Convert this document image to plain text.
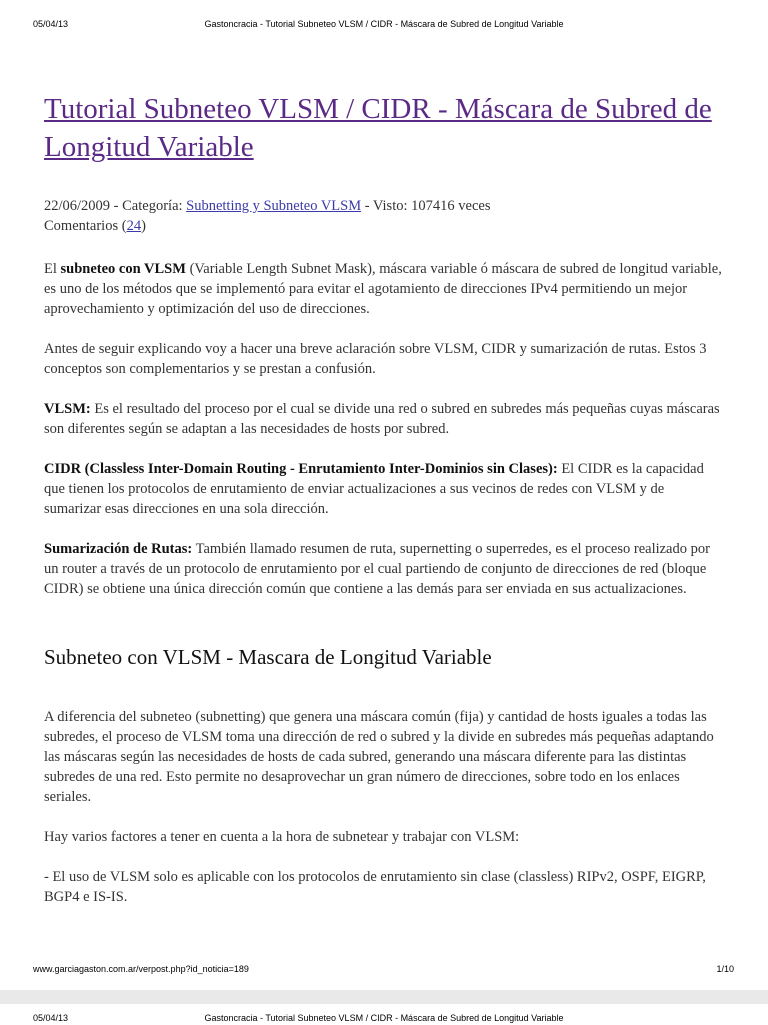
05/04/13	Gastoncracia - Tutorial Subneteo VLSM / CIDR - Máscara de Subred de Longitud Variable
Tutorial Subneteo VLSM / CIDR - Máscara de Subred de Longitud Variable
22/06/2009 - Categoría: Subnetting y Subneteo VLSM - Visto: 107416 veces
Comentarios (24)

El subneteo con VLSM (Variable Length Subnet Mask), máscara variable ó máscara de subred de longitud variable, es uno de los métodos que se implementó para evitar el agotamiento de direcciones IPv4 permitiendo un mejor aprovechamiento y optimización del uso de direcciones.

Antes de seguir explicando voy a hacer una breve aclaración sobre VLSM, CIDR y sumarización de rutas. Estos 3 conceptos son complementarios y se prestan a confusión.

VLSM: Es el resultado del proceso por el cual se divide una red o subred en subredes más pequeñas cuyas máscaras son diferentes según se adaptan a las necesidades de hosts por subred.

CIDR (Classless Inter-Domain Routing - Enrutamiento Inter-Dominios sin Clases): El CIDR es la capacidad que tienen los protocolos de enrutamiento de enviar actualizaciones a sus vecinos de redes con VLSM y de sumarizar esas direcciones en una sola dirección.

Sumarización de Rutas: También llamado resumen de ruta, supernetting o superredes, es el proceso realizado por un router a través de un protocolo de enrutamiento por el cual partiendo de conjunto de direcciones de red (bloque CIDR) se obtiene una única dirección común que contiene a las demás para ser enviada en sus actualizaciones.

Subneteo con VLSM - Mascara de Longitud Variable

A diferencia del subneteo (subnetting) que genera una máscara común (fija) y cantidad de hosts iguales a todas las subredes, el proceso de VLSM toma una dirección de red o subred y la divide en subredes más pequeñas adaptando las máscaras según las necesidades de hosts de cada subred, generando una máscara diferente para las distintas subredes de una red. Esto permite no desaprovechar un gran número de direcciones, sobre todo en los enlaces seriales.

Hay varios factores a tener en cuenta a la hora de subnetear y trabajar con VLSM:

- El uso de VLSM solo es aplicable con los protocolos de enrutamiento sin clase (classless) RIPv2, OSPF, EIGRP, BGP4 e IS-IS.

www.garciagaston.com.ar/verpost.php?id_noticia=189	1/10
05/04/13	Gastoncracia - Tutorial Subneteo VLSM / CIDR - Máscara de Subred de Longitud Variable
